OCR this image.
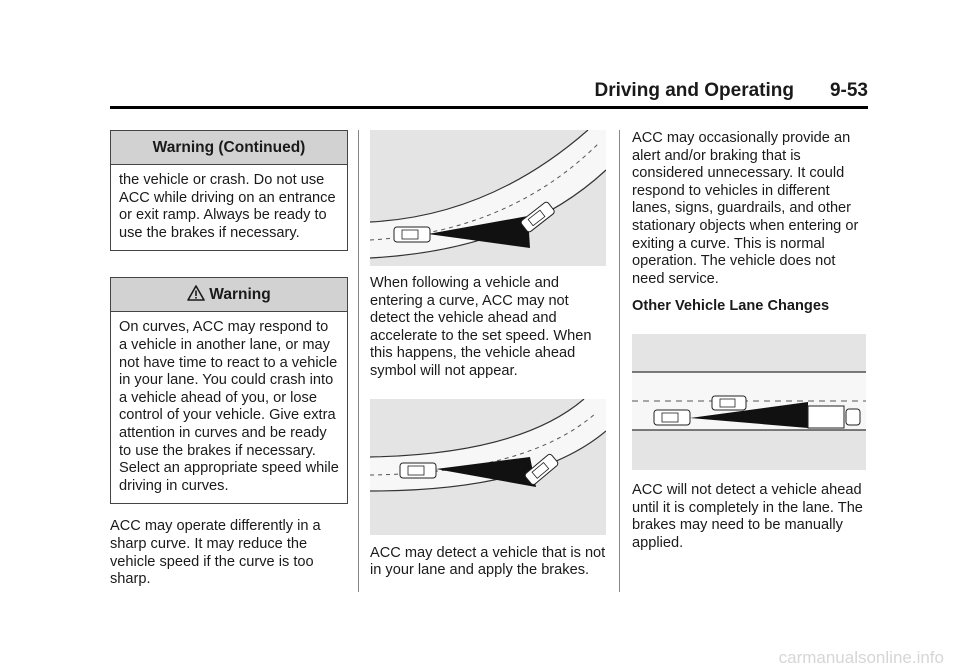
Driving and Operating 9-53
Warning (Continued)
the vehicle or crash. Do not use ACC while driving on an entrance or exit ramp. Always be ready to use the brakes if necessary.
Warning
On curves, ACC may respond to a vehicle in another lane, or may not have time to react to a vehicle in your lane. You could crash into a vehicle ahead of you, or lose control of your vehicle. Give extra attention in curves and be ready to use the brakes if necessary. Select an appropriate speed while driving in curves.

ACC may operate differently in a sharp curve. It may reduce the vehicle speed if the curve is too sharp.

When following a vehicle and entering a curve, ACC may not detect the vehicle ahead and accelerate to the set speed. When this happens, the vehicle ahead symbol will not appear.

ACC may detect a vehicle that is not in your lane and apply the brakes.

ACC may occasionally provide an alert and/or braking that is considered unnecessary. It could respond to vehicles in different lanes, signs, guardrails, and other stationary objects when entering or exiting a curve. This is normal operation. The vehicle does not need service.

Other Vehicle Lane Changes

ACC will not detect a vehicle ahead until it is completely in the lane. The brakes may need to be manually applied.

carmanualsonline.info
